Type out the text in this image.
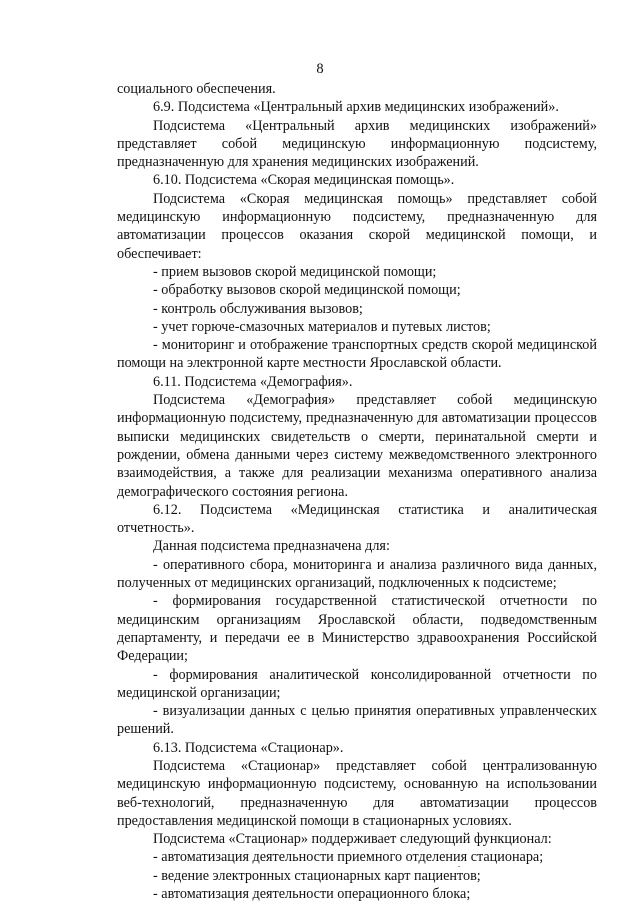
8

социального обеспечения.

6.9. Подсистема «Центральный архив медицинских изображений».

Подсистема «Центральный архив медицинских изображений» представляет собой медицинскую информационную подсистему, предназначенную для хранения медицинских изображений.

6.10. Подсистема «Скорая медицинская помощь».

Подсистема «Скорая медицинская помощь» представляет собой медицинскую информационную подсистему, предназначенную для автоматизации процессов оказания скорой медицинской помощи, и обеспечивает:

- прием вызовов скорой медицинской помощи;

- обработку вызовов скорой медицинской помощи;

- контроль обслуживания вызовов;

- учет горюче-смазочных материалов и путевых листов;

- мониторинг и отображение транспортных средств скорой медицинской помощи на электронной карте местности Ярославской области.

6.11. Подсистема «Демография».

Подсистема «Демография» представляет собой медицинскую информационную подсистему, предназначенную для автоматизации процессов выписки медицинских свидетельств о смерти, перинатальной смерти и рождении, обмена данными через систему межведомственного электронного взаимодействия, а также для реализации механизма оперативного анализа демографического состояния региона.

6.12. Подсистема «Медицинская статистика и аналитическая отчетность».

Данная подсистема предназначена для:

- оперативного сбора, мониторинга и анализа различного вида данных, полученных от медицинских организаций, подключенных к подсистеме;

- формирования государственной статистической отчетности по медицинским организациям Ярославской области, подведомственным департаменту, и передачи ее в Министерство здравоохранения Российской Федерации;

- формирования аналитической консолидированной отчетности по медицинской организации;

- визуализации данных с целью принятия оперативных управленческих решений.

6.13. Подсистема «Стационар».

Подсистема «Стационар» представляет собой централизованную медицинскую информационную подсистему, основанную на использовании веб-технологий, предназначенную для автоматизации процессов предоставления медицинской помощи в стационарных условиях.

Подсистема «Стационар» поддерживает следующий функционал:

- автоматизация деятельности приемного отделения стационара;

- ведение электронных стационарных карт пациентов;

- автоматизация деятельности операционного блока;
